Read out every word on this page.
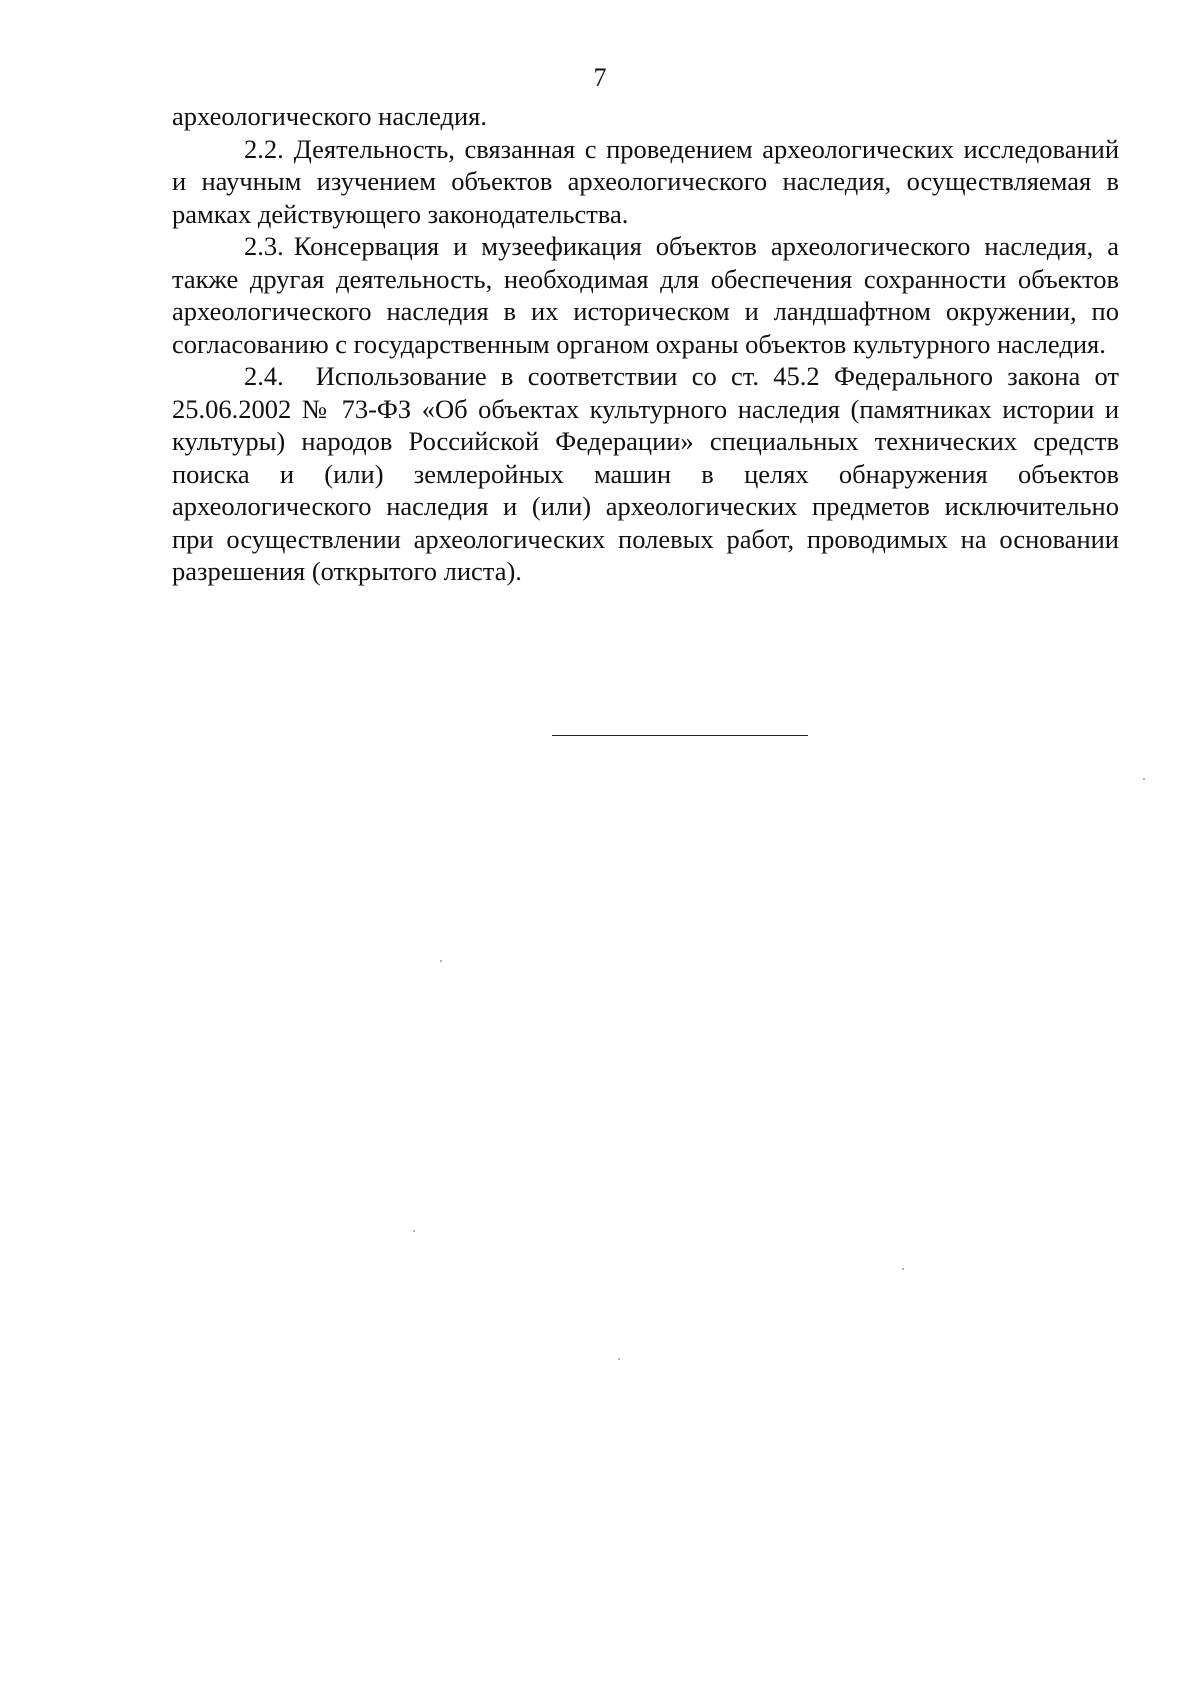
7

археологического наследия.

2.2. Деятельность, связанная с проведением археологических исследований и научным изучением объектов археологического наследия, осуществляемая в рамках действующего законодательства.

2.3. Консервация и музеефикация объектов археологического наследия, а также другая деятельность, необходимая для обеспечения сохранности объектов археологического наследия в их историческом и ландшафтном окружении, по согласованию с государственным органом охраны объектов культурного наследия.

2.4. Использование в соответствии со ст. 45.2 Федерального закона от 25.06.2002 № 73-ФЗ «Об объектах культурного наследия (памятниках истории и культуры) народов Российской Федерации» специальных технических средств поиска и (или) землеройных машин в целях обнаружения объектов археологического наследия и (или) археологических предметов исключительно при осуществлении археологических полевых работ, проводимых на основании разрешения (открытого листа).
